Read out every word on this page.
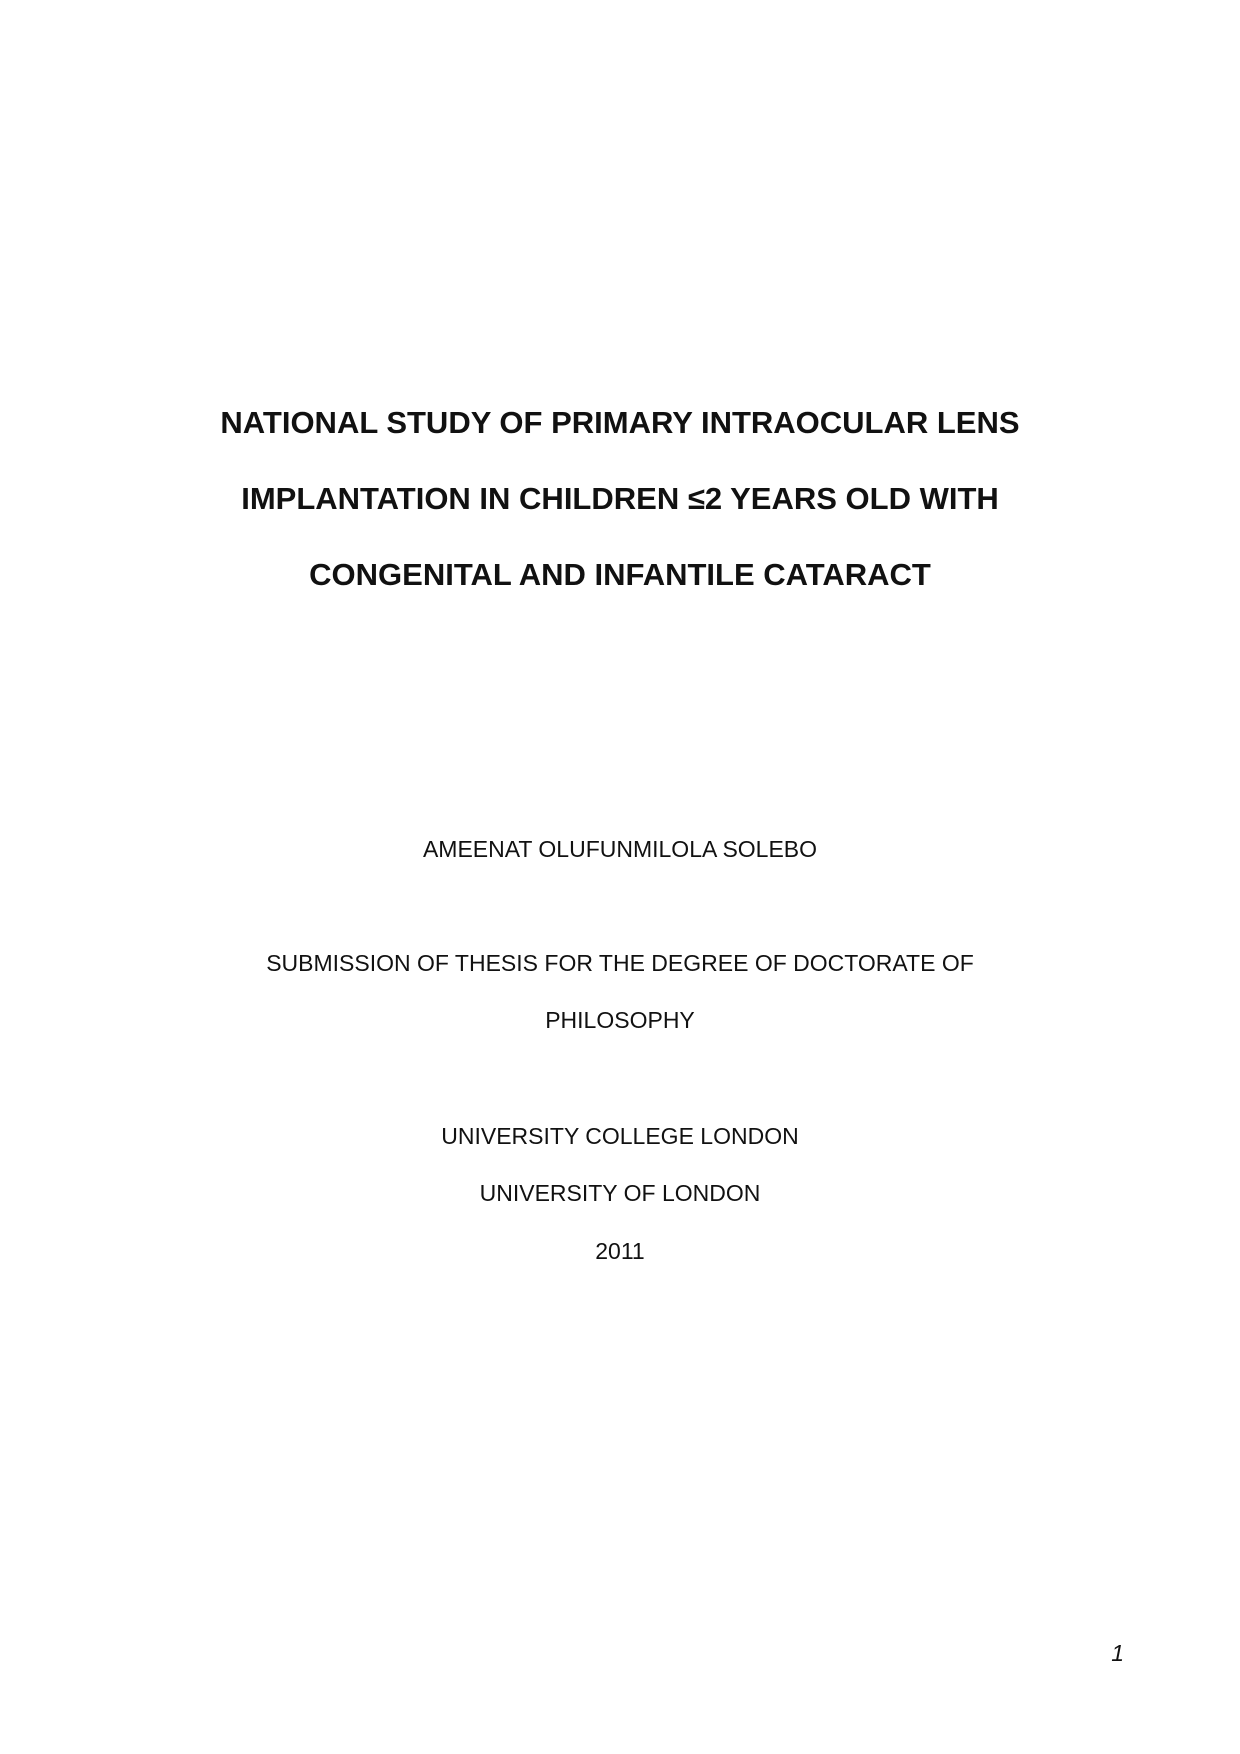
NATIONAL STUDY OF PRIMARY INTRAOCULAR LENS

IMPLANTATION IN CHILDREN ≤2 YEARS OLD WITH

CONGENITAL AND INFANTILE CATARACT

AMEENAT OLUFUNMILOLA SOLEBO

SUBMISSION OF THESIS FOR THE DEGREE OF DOCTORATE OF

PHILOSOPHY

UNIVERSITY COLLEGE LONDON

UNIVERSITY OF LONDON

2011

1
